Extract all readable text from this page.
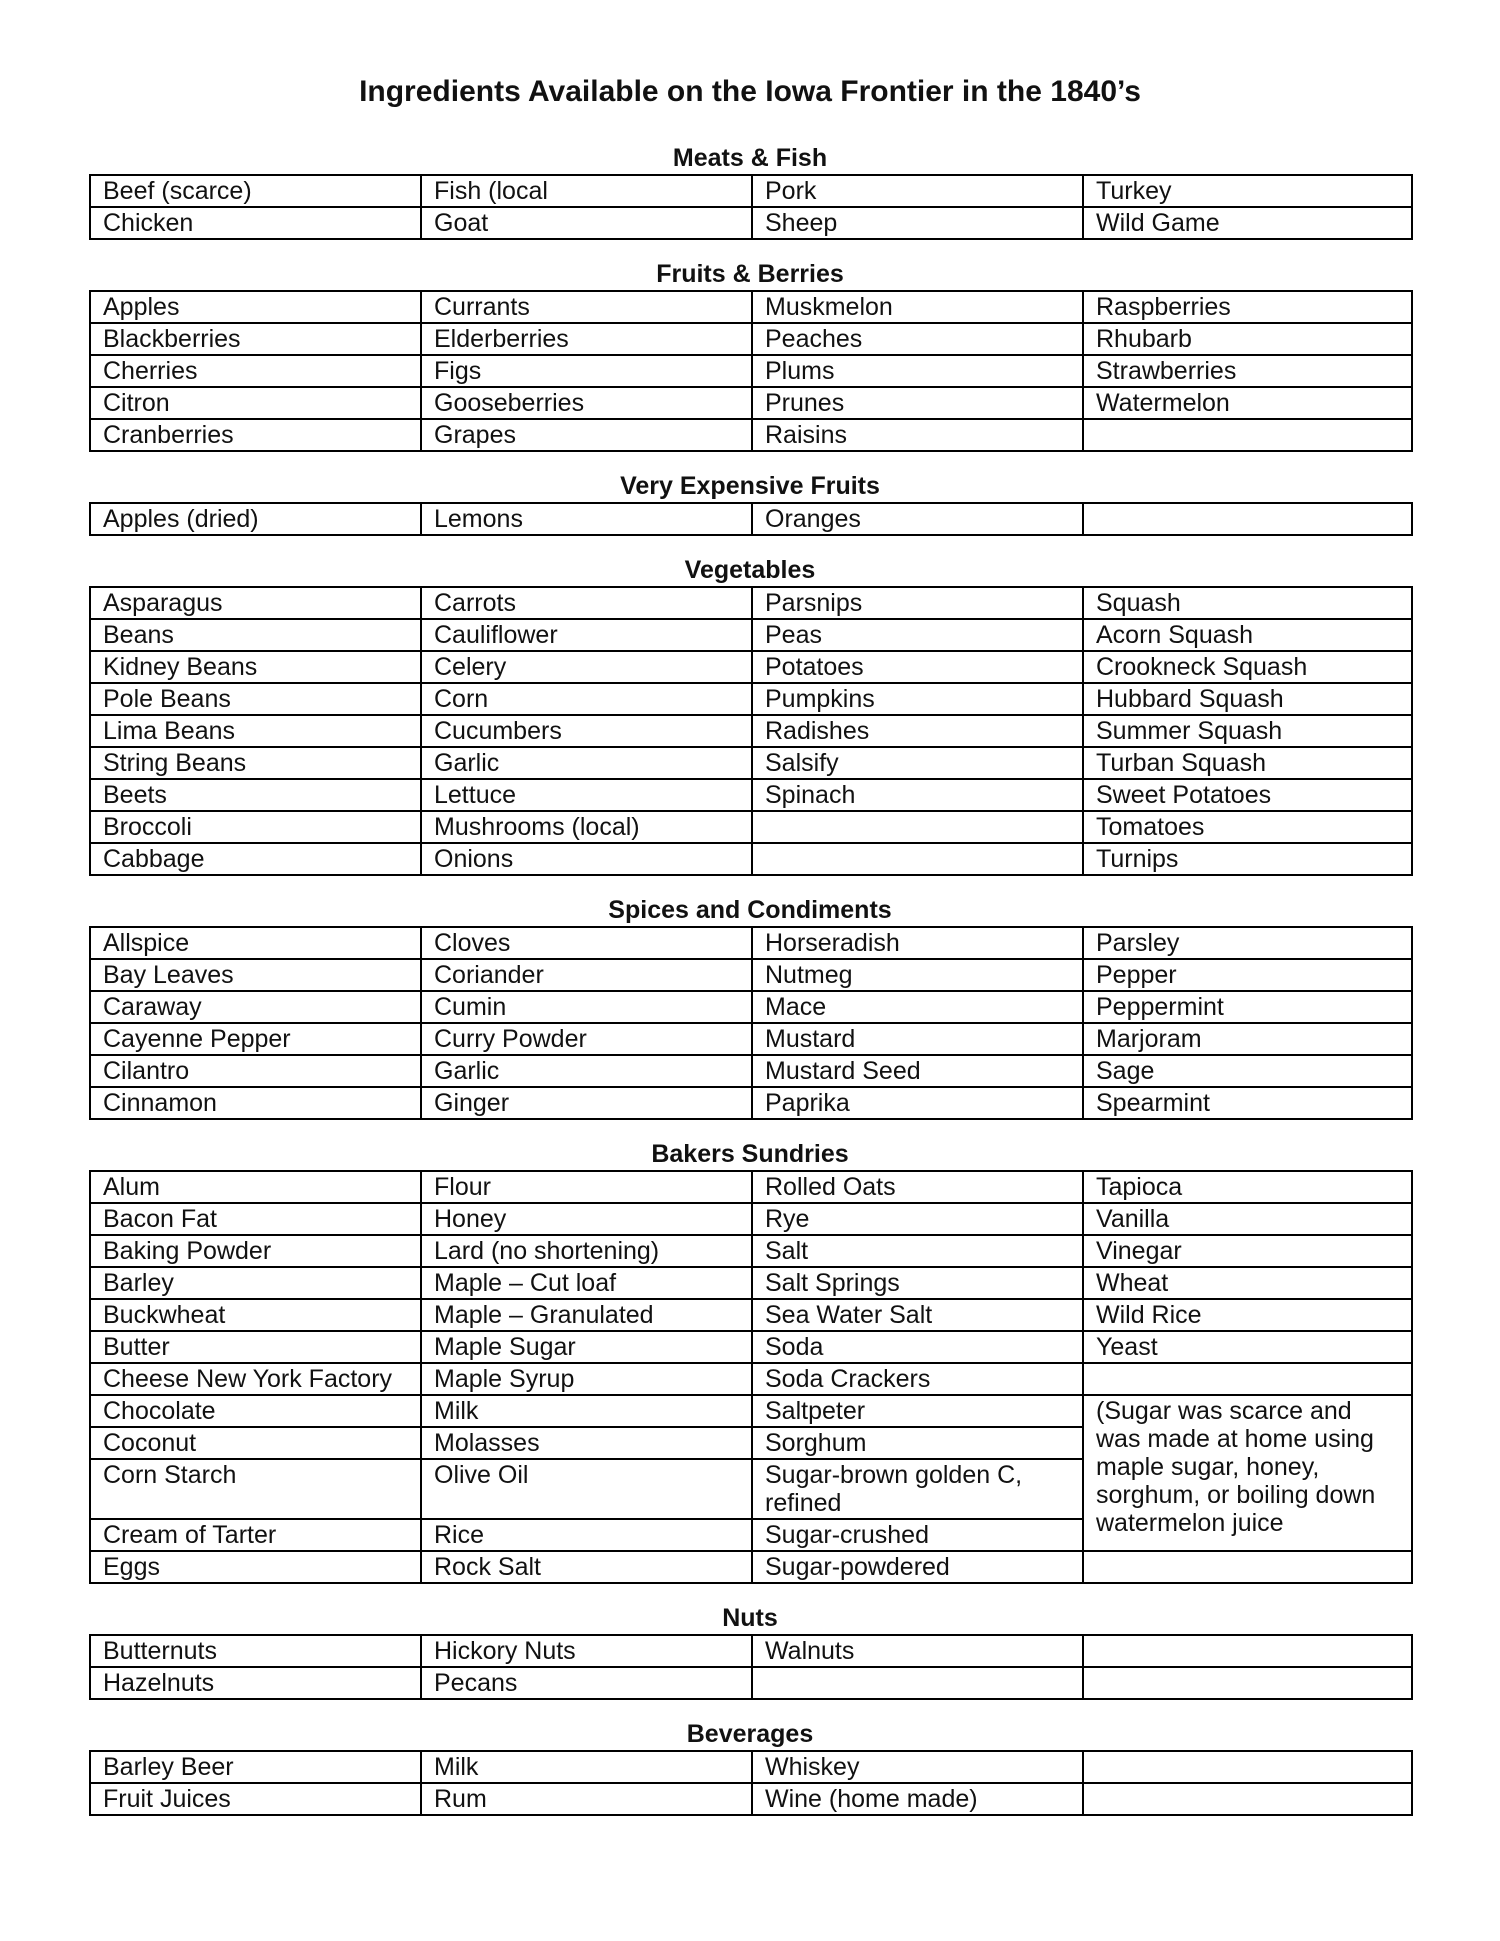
Ingredients Available on the Iowa Frontier in the 1840’s
Meats & Fish
Beef (scarce)	Fish (local	Pork	Turkey
Chicken	Goat	Sheep	Wild Game
Fruits & Berries
Apples	Currants	Muskmelon	Raspberries
Blackberries	Elderberries	Peaches	Rhubarb
Cherries	Figs	Plums	Strawberries
Citron	Gooseberries	Prunes	Watermelon
Cranberries	Grapes	Raisins	
Very Expensive Fruits
Apples (dried)	Lemons	Oranges	
Vegetables
Asparagus	Carrots	Parsnips	Squash
Beans	Cauliflower	Peas	Acorn Squash
Kidney Beans	Celery	Potatoes	Crookneck Squash
Pole Beans	Corn	Pumpkins	Hubbard Squash
Lima Beans	Cucumbers	Radishes	Summer Squash
String Beans	Garlic	Salsify	Turban Squash
Beets	Lettuce	Spinach	Sweet Potatoes
Broccoli	Mushrooms (local)		Tomatoes
Cabbage	Onions		Turnips
Spices and Condiments
Allspice	Cloves	Horseradish	Parsley
Bay Leaves	Coriander	Nutmeg	Pepper
Caraway	Cumin	Mace	Peppermint
Cayenne Pepper	Curry Powder	Mustard	Marjoram
Cilantro	Garlic	Mustard Seed	Sage
Cinnamon	Ginger	Paprika	Spearmint
Bakers Sundries
Alum	Flour	Rolled Oats	Tapioca
Bacon Fat	Honey	Rye	Vanilla
Baking Powder	Lard (no shortening)	Salt	Vinegar
Barley	Maple – Cut loaf	Salt Springs	Wheat
Buckwheat	Maple – Granulated	Sea Water Salt	Wild Rice
Butter	Maple Sugar	Soda	Yeast
Cheese New York Factory	Maple Syrup	Soda Crackers	
Chocolate	Milk	Saltpeter	(Sugar was scarce and was made at home using maple sugar, honey, sorghum, or boiling down watermelon juice
Coconut	Molasses	Sorghum	
Corn Starch	Olive Oil	Sugar-brown golden C, refined	
Cream of Tarter	Rice	Sugar-crushed	
Eggs	Rock Salt	Sugar-powdered	
Nuts
Butternuts	Hickory Nuts	Walnuts	
Hazelnuts	Pecans		
Beverages
Barley Beer	Milk	Whiskey	
Fruit Juices	Rum	Wine (home made)	
